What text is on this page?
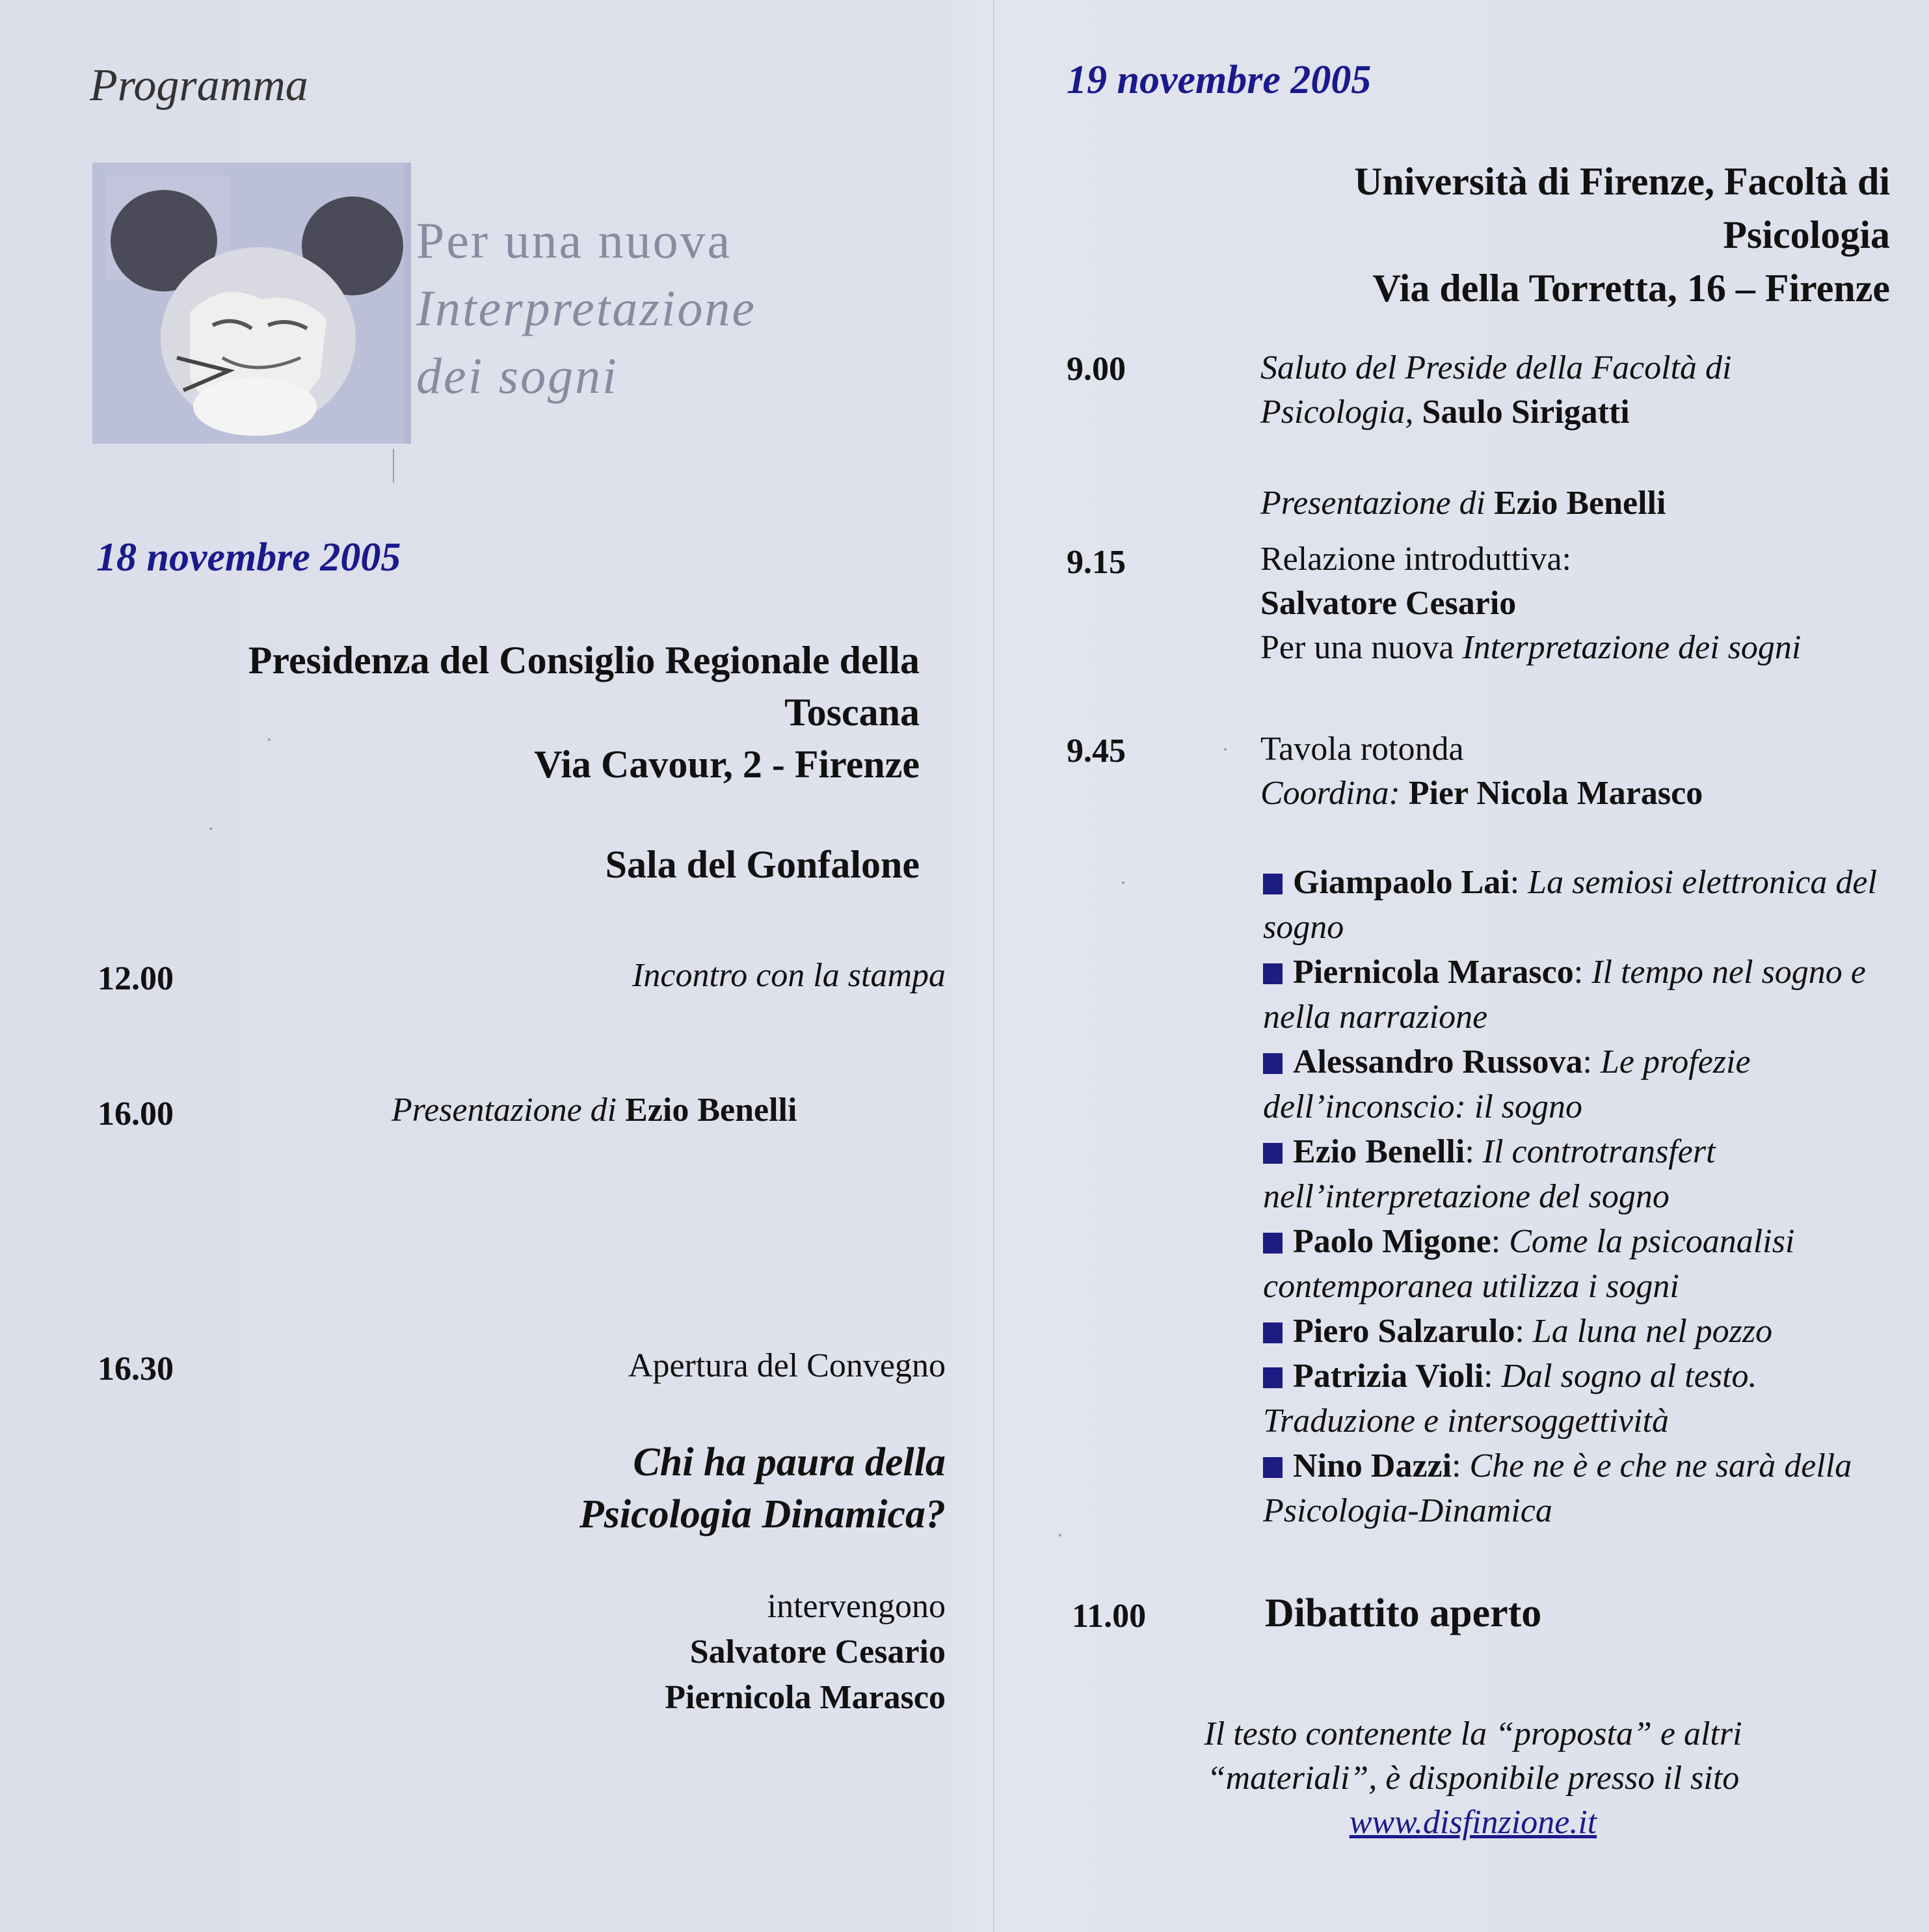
Programma
Per una nuova
Interpretazione
dei sogni
18 novembre 2005
Presidenza del Consiglio Regionale della
Toscana
Via Cavour, 2 - Firenze
Sala del Gonfalone
12.00	Incontro con la stampa
16.00	Presentazione di Ezio Benelli
16.30	Apertura del Convegno
Chi ha paura della
Psicologia Dinamica?
intervengono
Salvatore Cesario
Piernicola Marasco
19 novembre 2005
Università di Firenze, Facoltà di
Psicologia
Via della Torretta, 16 – Firenze
9.00	Saluto del Preside della Facoltà di
Psicologia, Saulo Sirigatti
Presentazione di Ezio Benelli
9.15	Relazione introduttiva:
Salvatore Cesario
Per una nuova Interpretazione dei sogni
9.45	Tavola rotonda
Coordina: Pier Nicola Marasco
Giampaolo Lai: La semiosi elettronica del sogno
Piernicola Marasco: Il tempo nel sogno e nella narrazione
Alessandro Russova: Le profezie dell’inconscio: il sogno
Ezio Benelli: Il controtransfert nell’interpretazione del sogno
Paolo Migone: Come la psicoanalisi contemporanea utilizza i sogni
Piero Salzarulo: La luna nel pozzo
Patrizia Violi: Dal sogno al testo. Traduzione e intersoggettività
Nino Dazzi: Che ne è e che ne sarà della Psicologia-Dinamica
11.00	Dibattito aperto
Il testo contenente la “proposta” e altri
“materiali”, è disponibile presso il sito
www.disfinzione.it
